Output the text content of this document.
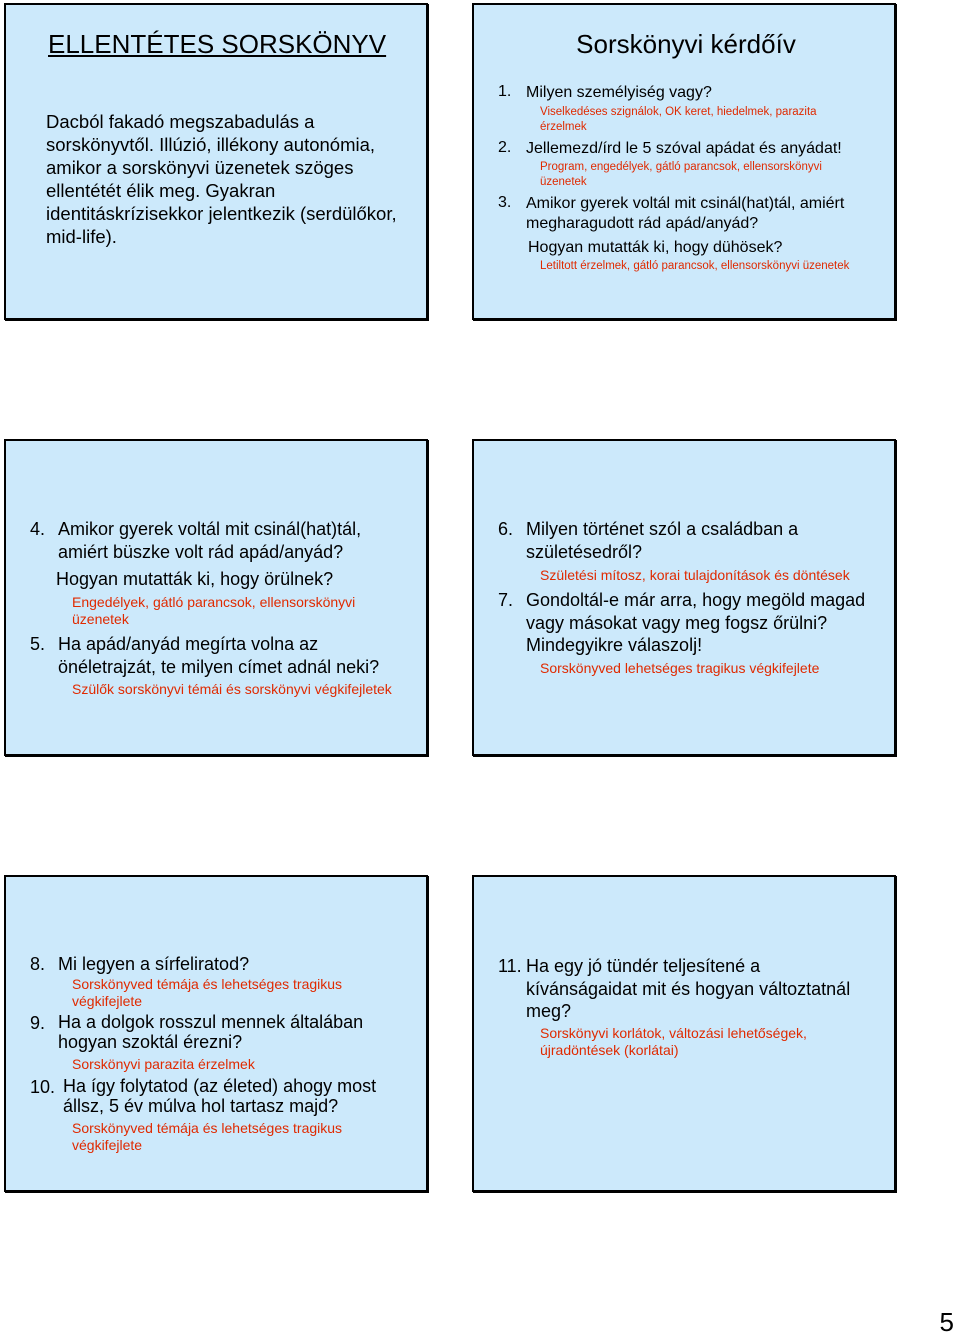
ELLENTÉTES SORSKÖNYV
Dacból fakadó megszabadulás a sorskönyvtől. Illúzió, illékony autonómia, amikor a sorskönyvi üzenetek szöges ellentétét élik meg. Gyakran identitáskrízisekkor jelentkezik (serdülőkor, mid-life).
Sorskönyvi kérdőív
1. Milyen személyiség vagy?
Viselkedéses szignálok, OK keret, hiedelmek, parazita érzelmek
2. Jellemezd/írd le 5 szóval apádat és anyádat!
Program, engedélyek, gátló parancsok, ellensorskönyvi üzenetek
3. Amikor gyerek voltál mit csinál(hat)tál, amiért megharagudott rád apád/anyád?
Hogyan mutatták ki, hogy dühösek?
Letiltott érzelmek, gátló parancsok, ellensorskönyvi üzenetek
4. Amikor gyerek voltál mit csinál(hat)tál, amiért büszke volt rád apád/anyád?
Hogyan mutatták ki, hogy örülnek?
Engedélyek, gátló parancsok, ellensorskönyvi üzenetek
5. Ha apád/anyád megírta volna az önéletrajzát, te milyen címet adnál neki?
Szülők sorskönyvi témái és sorskönyvi végkifejletek
6. Milyen történet szól a családban a születésedről?
Születési mítosz, korai tulajdonítások és döntések
7. Gondoltál-e már arra, hogy megöld magad vagy másokat vagy meg fogsz őrülni? Mindegyikre válaszolj!
Sorskönyved lehetséges tragikus végkifejlete
8. Mi legyen a sírfeliratod?
Sorskönyved témája és lehetséges tragikus végkifejlete
9. Ha a dolgok rosszul mennek általában hogyan szoktál érezni?
Sorskönyvi parazita érzelmek
10. Ha így folytatod (az életed) ahogy most állsz, 5 év múlva hol tartasz majd?
Sorskönyved témája és lehetséges tragikus végkifejlete
11. Ha egy jó tündér teljesítené a kívánságaidat mit és hogyan változtatnál meg?
Sorskönyvi korlátok, változási lehetőségek, újradöntések (korlátai)
5
